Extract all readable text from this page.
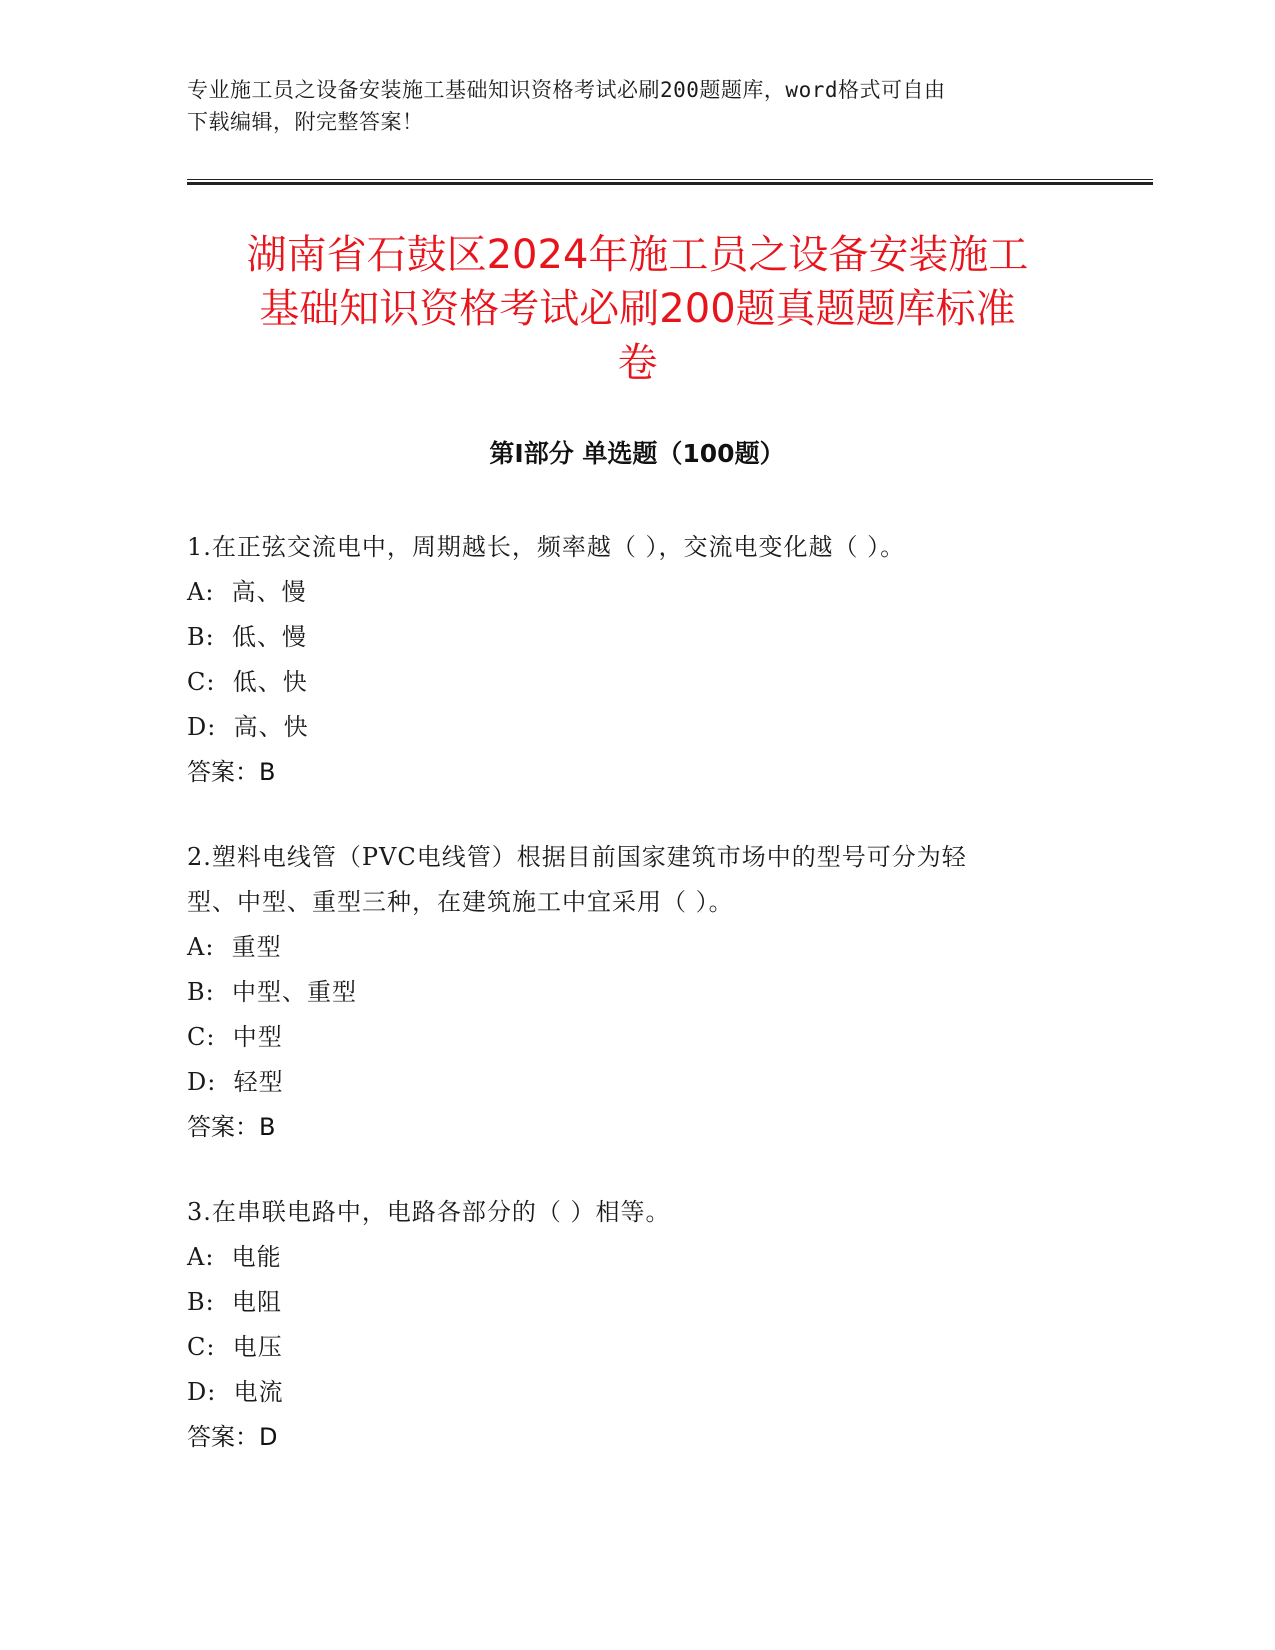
专业施工员之设备安装施工基础知识资格考试必刷200题题库，word格式可自由
下载编辑，附完整答案！
湖南省石鼓区2024年施工员之设备安装施工
基础知识资格考试必刷200题真题题库标准
卷
第Ⅰ部分 单选题（100题）

1.在正弦交流电中，周期越长，频率越（ ），交流电变化越（ ）。

A:  高、慢

B:  低、慢

C:  低、快

D:  高、快

答案：B

2.塑料电线管（PVC电线管）根据目前国家建筑市场中的型号可分为轻

型、中型、重型三种，在建筑施工中宜采用（ ）。

A:  重型

B:  中型、重型

C:  中型

D:  轻型

答案：B

3.在串联电路中，电路各部分的（ ）相等。

A:  电能

B:  电阻

C:  电压

D:  电流

答案：D
